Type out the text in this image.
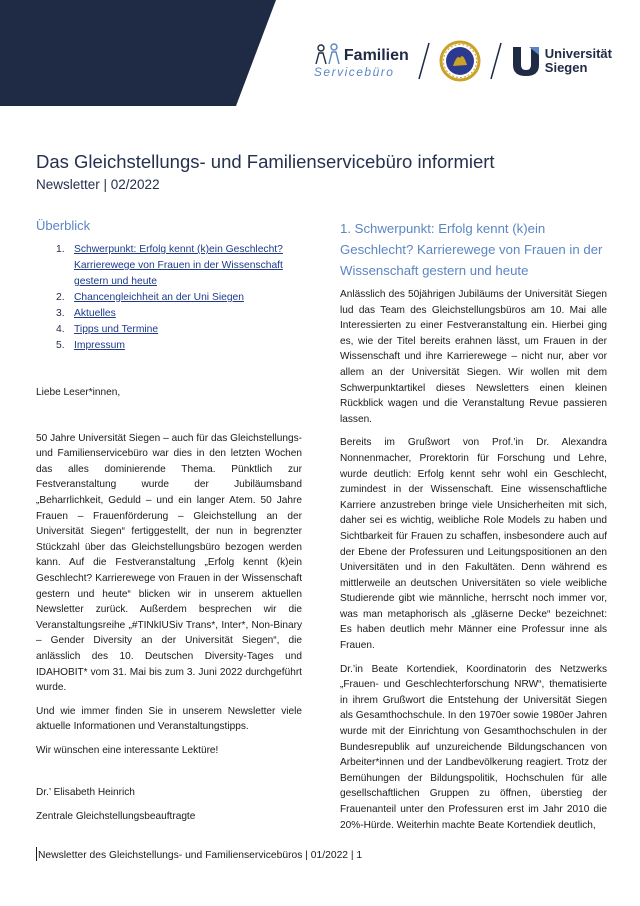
Familien
Servicebüro
Universität
Siegen
Das Gleichstellungs- und Familienservicebüro informiert
Newsletter | 02/2022
Überblick
1. Schwerpunkt: Erfolg kennt (k)ein Geschlecht? Karrierewege von Frauen in der Wissenschaft gestern und heute
2. Chancengleichheit an der Uni Siegen
3. Aktuelles
4. Tipps und Termine
5. Impressum

Liebe Leser*innen,

50 Jahre Universität Siegen – auch für das Gleichstellungs- und Familienservicebüro war dies in den letzten Wochen das alles dominierende Thema. Pünktlich zur Festveranstaltung wurde der Jubiläumsband „Beharrlichkeit, Geduld – und ein langer Atem. 50 Jahre Frauen – Frauenförderung – Gleichstellung an der Universität Siegen“ fertiggestellt, der nun in begrenzter Stückzahl über das Gleichstellungsbüro bezogen werden kann. Auf die Festveranstaltung „Erfolg kennt (k)ein Geschlecht? Karrierewege von Frauen in der Wissenschaft gestern und heute“ blicken wir in unserem aktuellen Newsletter zurück. Außerdem besprechen wir die Veranstaltungsreihe „#TINkIUSiv Trans*, Inter*, Non-Binary – Gender Diversity an der Universität Siegen“, die anlässlich des 10. Deutschen Diversity-Tages und IDAHOBIT* vom 31. Mai bis zum 3. Juni 2022 durchgeführt wurde.

Und wie immer finden Sie in unserem Newsletter viele aktuelle Informationen und Veranstaltungstipps.

Wir wünschen eine interessante Lektüre!

Dr.’ Elisabeth Heinrich

Zentrale Gleichstellungsbeauftragte

1. Schwerpunkt: Erfolg kennt (k)ein Geschlecht? Karrierewege von Frauen in der Wissenschaft gestern und heute

Anlässlich des 50jährigen Jubiläums der Universität Siegen lud das Team des Gleichstellungsbüros am 10. Mai alle Interessierten zu einer Festveranstaltung ein. Hierbei ging es, wie der Titel bereits erahnen lässt, um Frauen in der Wissenschaft und ihre Karrierewege – nicht nur, aber vor allem an der Universität Siegen. Wir wollen mit dem Schwerpunktartikel dieses Newsletters einen kleinen Rückblick wagen und die Veranstaltung Revue passieren lassen.

Bereits im Grußwort von Prof.’in Dr. Alexandra Nonnenmacher, Prorektorin für Forschung und Lehre, wurde deutlich: Erfolg kennt sehr wohl ein Geschlecht, zumindest in der Wissenschaft. Eine wissenschaftliche Karriere anzustreben bringe viele Unsicherheiten mit sich, daher sei es wichtig, weibliche Role Models zu haben und Sichtbarkeit für Frauen zu schaffen, insbesondere auch auf der Ebene der Professuren und Leitungspositionen an den Universitäten und in den Fakultäten. Denn während es mittlerweile an deutschen Universitäten so viele weibliche Studierende gibt wie männliche, herrscht noch immer vor, was man metaphorisch als „gläserne Decke“ bezeichnet: Es haben deutlich mehr Männer eine Professur inne als Frauen.

Dr.’in Beate Kortendiek, Koordinatorin des Netzwerks „Frauen- und Geschlechterforschung NRW“, thematisierte in ihrem Grußwort die Entstehung der Universität Siegen als Gesamthochschule. In den 1970er sowie 1980er Jahren wurde mit der Einrichtung von Gesamthochschulen in der Bundesrepublik auf unzureichende Bildungschancen von Arbeiter*innen und der Landbevölkerung reagiert. Trotz der Bemühungen der Bildungspolitik, Hochschulen für alle gesellschaftlichen Gruppen zu öffnen, überstieg der Frauenanteil unter den Professuren erst im Jahr 2010 die 20%-Hürde. Weiterhin machte Beate Kortendiek deutlich,

Newsletter des Gleichstellungs- und Familienservicebüros | 01/2022 | 1
